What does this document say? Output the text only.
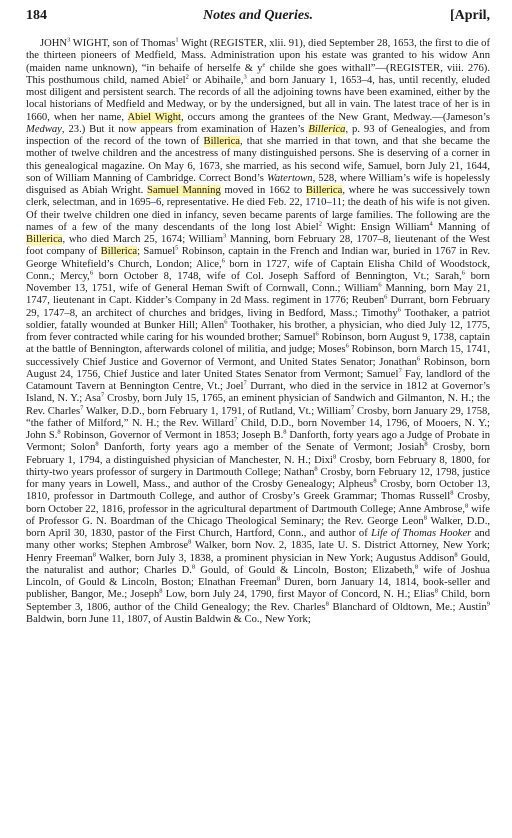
184	Notes and Queries.	[April,

JOHN$^3$ WIGHT, son of Thomas$^1$ Wight (REGISTER, xlii. 91), died September 28, 1653, the first to die of the thirteen pioneers of Medfield, Mass. Administration upon his estate was granted to his widow Ann (maiden name unknown), “in behaife of herselfe & $y^e$ childe she goes withall”—(REGISTER, viii. 276). This posthumous child, named Abiel$^2$ or Abihaile,$^3$ and born January 1, 1653–4, has, until recently, eluded most diligent and persistent search. The records of all the adjoining towns have been examined, either by the local historians of Medfield and Medway, or by the undersigned, but all in vain. The latest trace of her is in 1660, when her name, Abiel Wight, occurs among the grantees of the New Grant, Medway.—(Jameson’s Medway, 23.) But it now appears from examination of Hazen’s Billerica, p. 93 of Genealogies, and from inspection of the record of the town of Billerica, that she married in that town, and that she became the mother of twelve children and the ancestress of many distinguished persons. She is deserving of a corner in this genealogical magazine. On May 6, 1673, she married, as his second wife, Samuel, born July 21, 1644, son of William Manning of Cambridge. Correct Bond’s Watertown, 528, where William’s wife is hopelessly disguised as Abiah Wright. Samuel Manning moved in 1662 to Billerica, where he was successively town clerk, selectman, and in 1695–6, representative. He died Feb. 22, 1710–11; the death of his wife is not given. Of their twelve children one died in infancy, seven became parents of large families. The following are the names of a few of the many descendants of the long lost Abiel$^2$ Wight: Ensign William$^4$ Manning of Billerica, who died March 25, 1674; William$^3$ Manning, born February 28, 1707–8, lieutenant of the West foot company of Billerica; Samuel$^5$ Robinson, captain in the French and Indian war, buried in 1767 in Rev. George Whitefield’s Church, London; Alice,$^6$ born in 1727, wife of Captain Elisha Child of Woodstock, Conn.; Mercy,$^6$ born October 8, 1748, wife of Col. Joseph Safford of Bennington, Vt.; Sarah,$^6$ born November 13, 1751, wife of General Heman Swift of Cornwall, Conn.; William$^6$ Manning, born May 21, 1747, lieutenant in Capt. Kidder’s Company in 2d Mass. regiment in 1776; Reuben$^6$ Durrant, born February 29, 1747–8, an architect of churches and bridges, living in Bedford, Mass.; Timothy$^6$ Toothaker, a patriot soldier, fatally wounded at Bunker Hill; Allen$^6$ Toothaker, his brother, a physician, who died July 12, 1775, from fever contracted while caring for his wounded brother; Samuel$^6$ Robinson, born August 9, 1738, captain at the battle of Bennington, afterwards colonel of militia, and judge; Moses$^6$ Robinson, born March 15, 1741, successively Chief Justice and Governor of Vermont, and United States Senator; Jonathan$^6$ Robinson, born August 24, 1756, Chief Justice and later United States Senator from Vermont; Samuel$^7$ Fay, landlord of the Catamount Tavern at Bennington Centre, Vt.; Joel$^7$ Durrant, who died in the service in 1812 at Governor’s Island, N. Y.; Asa$^7$ Crosby, born July 15, 1765, an eminent physician of Sandwich and Gilmanton, N. H.; the Rev. Charles$^7$ Walker, D.D., born February 1, 1791, of Rutland, Vt.; William$^7$ Crosby, born January 29, 1758, “the father of Milford,” N. H.; the Rev. Willard$^7$ Child, D.D., born November 14, 1796, of Mooers, N. Y.; John S.$^8$ Robinson, Governor of Vermont in 1853; Joseph B.$^8$ Danforth, forty years ago a Judge of Probate in Vermont; Solon$^8$ Danforth, forty years ago a member of the Senate of Vermont; Josiah$^8$ Crosby, born February 1, 1794, a distinguished physician of Manchester, N. H.; Dixi$^8$ Crosby, born February 8, 1800, for thirty-two years professor of surgery in Dartmouth College; Nathan$^8$ Crosby, born February 12, 1798, justice for many years in Lowell, Mass., and author of the Crosby Genealogy; Alpheus$^8$ Crosby, born October 13, 1810, professor in Dartmouth College, and author of Crosby’s Greek Grammar; Thomas Russell$^8$ Crosby, born October 22, 1816, professor in the agricultural department of Dartmouth College; Anne Ambrose,$^8$ wife of Professor G. N. Boardman of the Chicago Theological Seminary; the Rev. George Leon$^8$ Walker, D.D., born April 30, 1830, pastor of the First Church, Hartford, Conn., and author of Life of Thomas Hooker and many other works; Stephen Ambrose$^8$ Walker, born Nov. 2, 1835, late U. S. District Attorney, New York; Henry Freeman$^8$ Walker, born July 3, 1838, a prominent physician in New York; Augustus Addison$^8$ Gould, the naturalist and author; Charles D.$^8$ Gould, of Gould & Lincoln, Boston; Elizabeth,$^8$ wife of Joshua Lincoln, of Gould & Lincoln, Boston; Elnathan Freeman$^8$ Duren, born January 14, 1814, book-seller and publisher, Bangor, Me.; Joseph$^8$ Low, born July 24, 1790, first Mayor of Concord, N. H.; Elias$^8$ Child, born September 3, 1806, author of the Child Genealogy; the Rev. Charles$^8$ Blanchard of Oldtown, Me.; Austin$^9$ Baldwin, born June 11, 1807, of Austin Baldwin & Co., New York;
